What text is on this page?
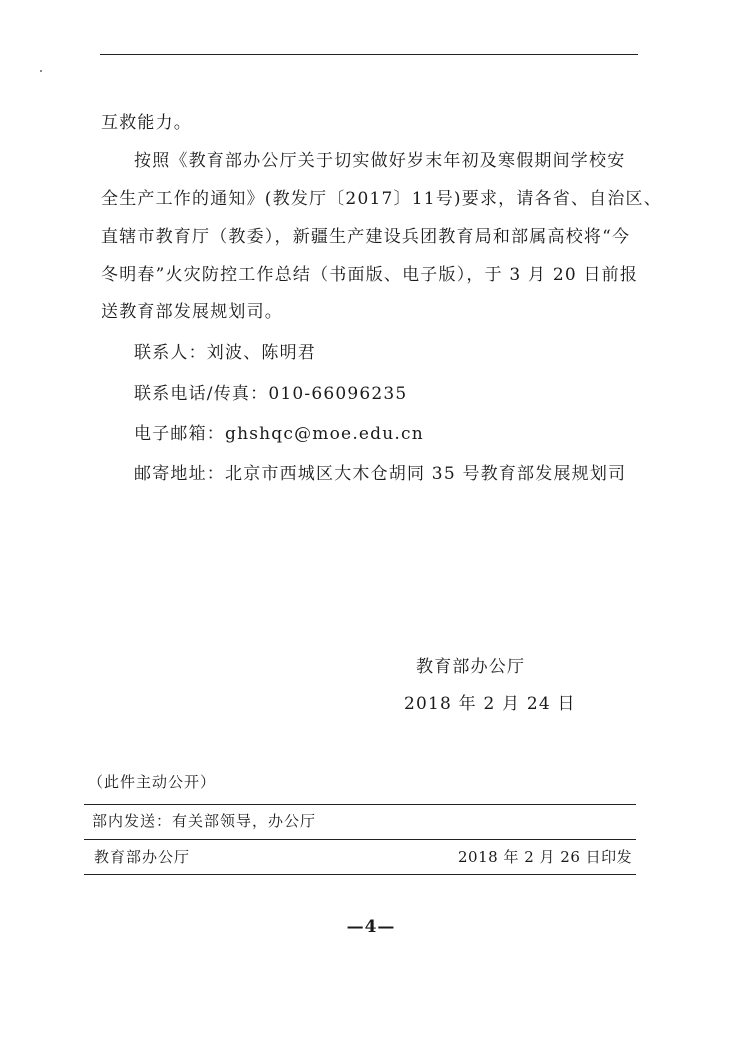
互救能力。
按照《教育部办公厅关于切实做好岁末年初及寒假期间学校安
全生产工作的通知》(教发厅〔2017〕11号)要求，请各省、自治区、
直辖市教育厅（教委），新疆生产建设兵团教育局和部属高校将“今
冬明春”火灾防控工作总结（书面版、电子版），于 3 月 20 日前报
送教育部发展规划司。
联系人：刘波、陈明君
联系电话/传真：010-66096235
电子邮箱：ghshqc@moe.edu.cn
邮寄地址：北京市西城区大木仓胡同 35 号教育部发展规划司
教育部办公厅
2018 年 2 月 24 日
（此件主动公开）
部内发送：有关部领导，办公厅
教育部办公厅	2018 年 2 月 26 日印发
—4—
